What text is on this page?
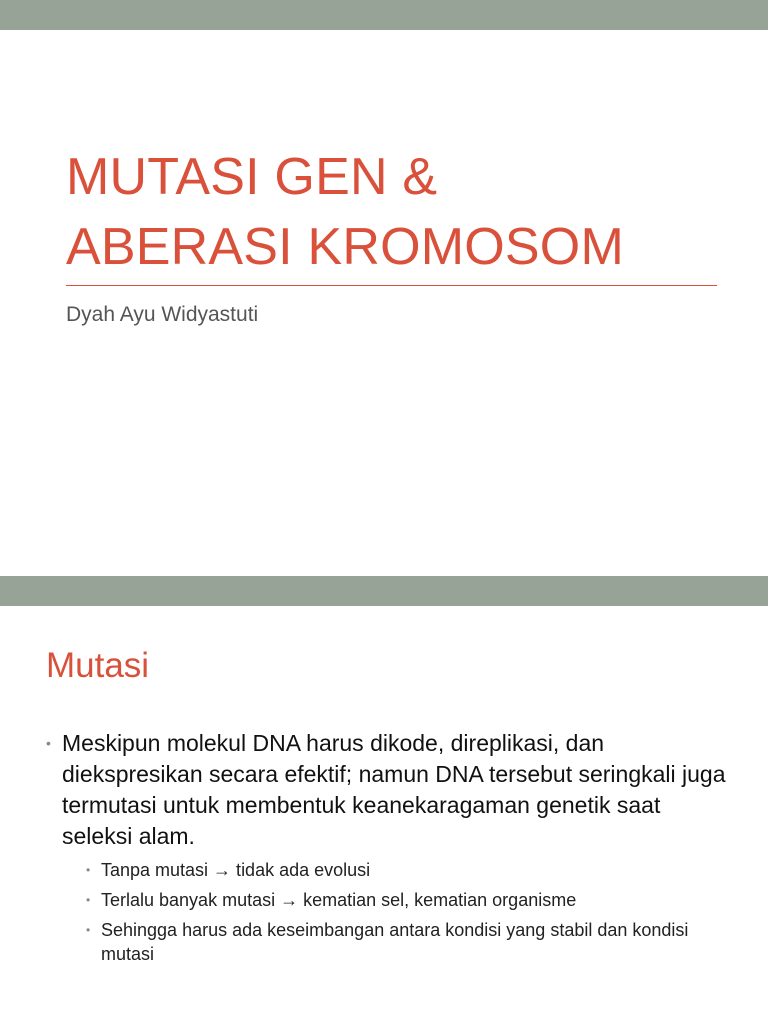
MUTASI GEN &
ABERASI KROMOSOM

Dyah Ayu Widyastuti

Mutasi
• Meskipun molekul DNA harus dikode, direplikasi, dan diekspresikan secara efektif; namun DNA tersebut seringkali juga termutasi untuk membentuk keanekaragaman genetik saat seleksi alam.
• Tanpa mutasi → tidak ada evolusi
• Terlalu banyak mutasi → kematian sel, kematian organisme
• Sehingga harus ada keseimbangan antara kondisi yang stabil dan kondisi mutasi
